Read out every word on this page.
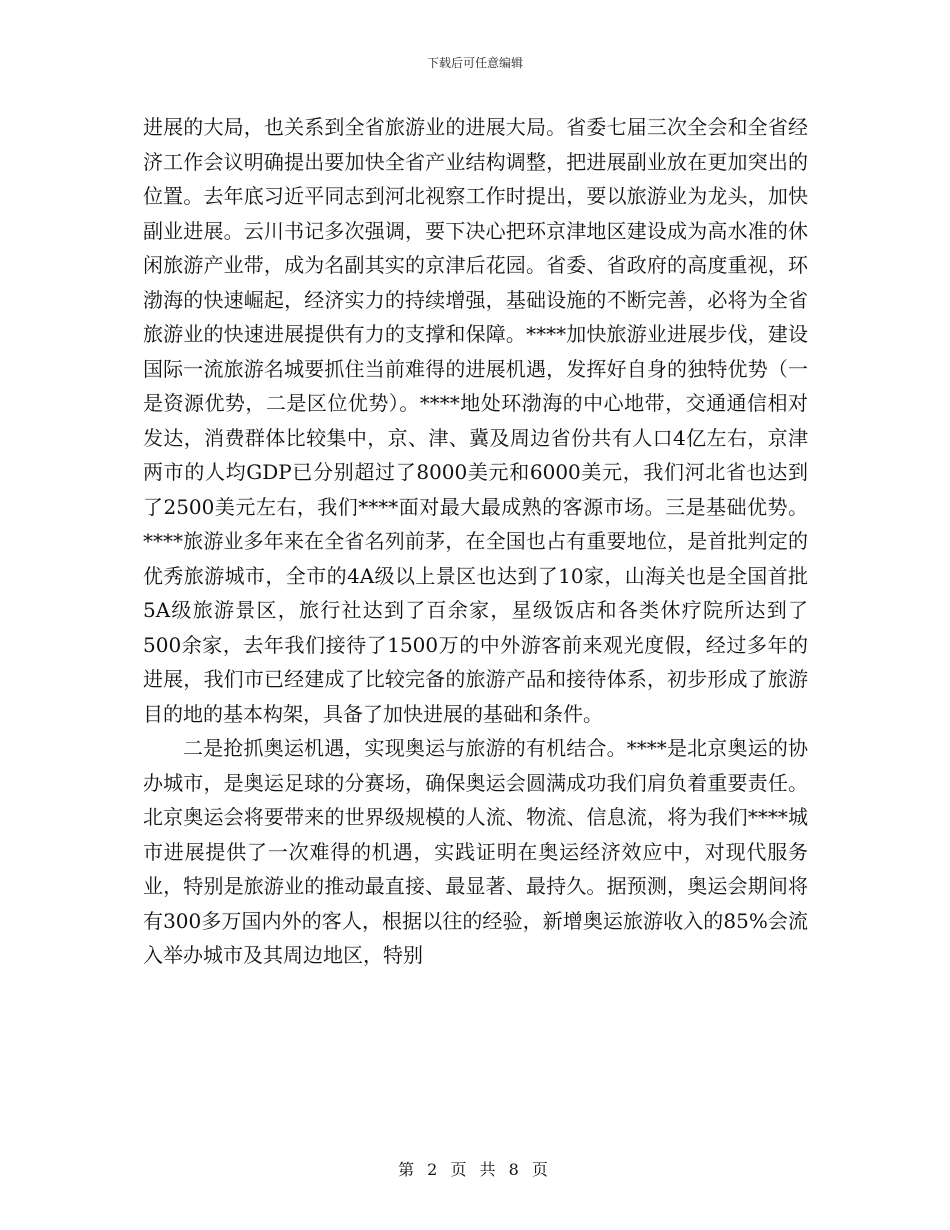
下载后可任意编辑

进展的大局，也关系到全省旅游业的进展大局。省委七届三次全会和全省经济工作会议明确提出要加快全省产业结构调整，把进展副业放在更加突出的位置。去年底习近平同志到河北视察工作时提出，要以旅游业为龙头，加快副业进展。云川书记多次强调，要下决心把环京津地区建设成为高水准的休闲旅游产业带，成为名副其实的京津后花园。省委、省政府的高度重视，环渤海的快速崛起，经济实力的持续增强，基础设施的不断完善，必将为全省旅游业的快速进展提供有力的支撑和保障。****加快旅游业进展步伐，建设国际一流旅游名城要抓住当前难得的进展机遇，发挥好自身的独特优势（一是资源优势，二是区位优势）。****地处环渤海的中心地带，交通通信相对发达，消费群体比较集中，京、津、冀及周边省份共有人口4亿左右，京津两市的人均GDP已分别超过了8000美元和6000美元，我们河北省也达到了2500美元左右，我们****面对最大最成熟的客源市场。三是基础优势。****旅游业多年来在全省名列前茅，在全国也占有重要地位，是首批判定的优秀旅游城市，全市的4A级以上景区也达到了10家，山海关也是全国首批5A级旅游景区，旅行社达到了百余家，星级饭店和各类休疗院所达到了500余家，去年我们接待了1500万的中外游客前来观光度假，经过多年的进展，我们市已经建成了比较完备的旅游产品和接待体系，初步形成了旅游目的地的基本构架，具备了加快进展的基础和条件。

二是抢抓奥运机遇，实现奥运与旅游的有机结合。****是北京奥运的协办城市，是奥运足球的分赛场，确保奥运会圆满成功我们肩负着重要责任。北京奥运会将要带来的世界级规模的人流、物流、信息流，将为我们****城市进展提供了一次难得的机遇，实践证明在奥运经济效应中，对现代服务业，特别是旅游业的推动最直接、最显著、最持久。据预测，奥运会期间将有300多万国内外的客人，根据以往的经验，新增奥运旅游收入的85%会流入举办城市及其周边地区，特别

第 2 页 共 8 页
